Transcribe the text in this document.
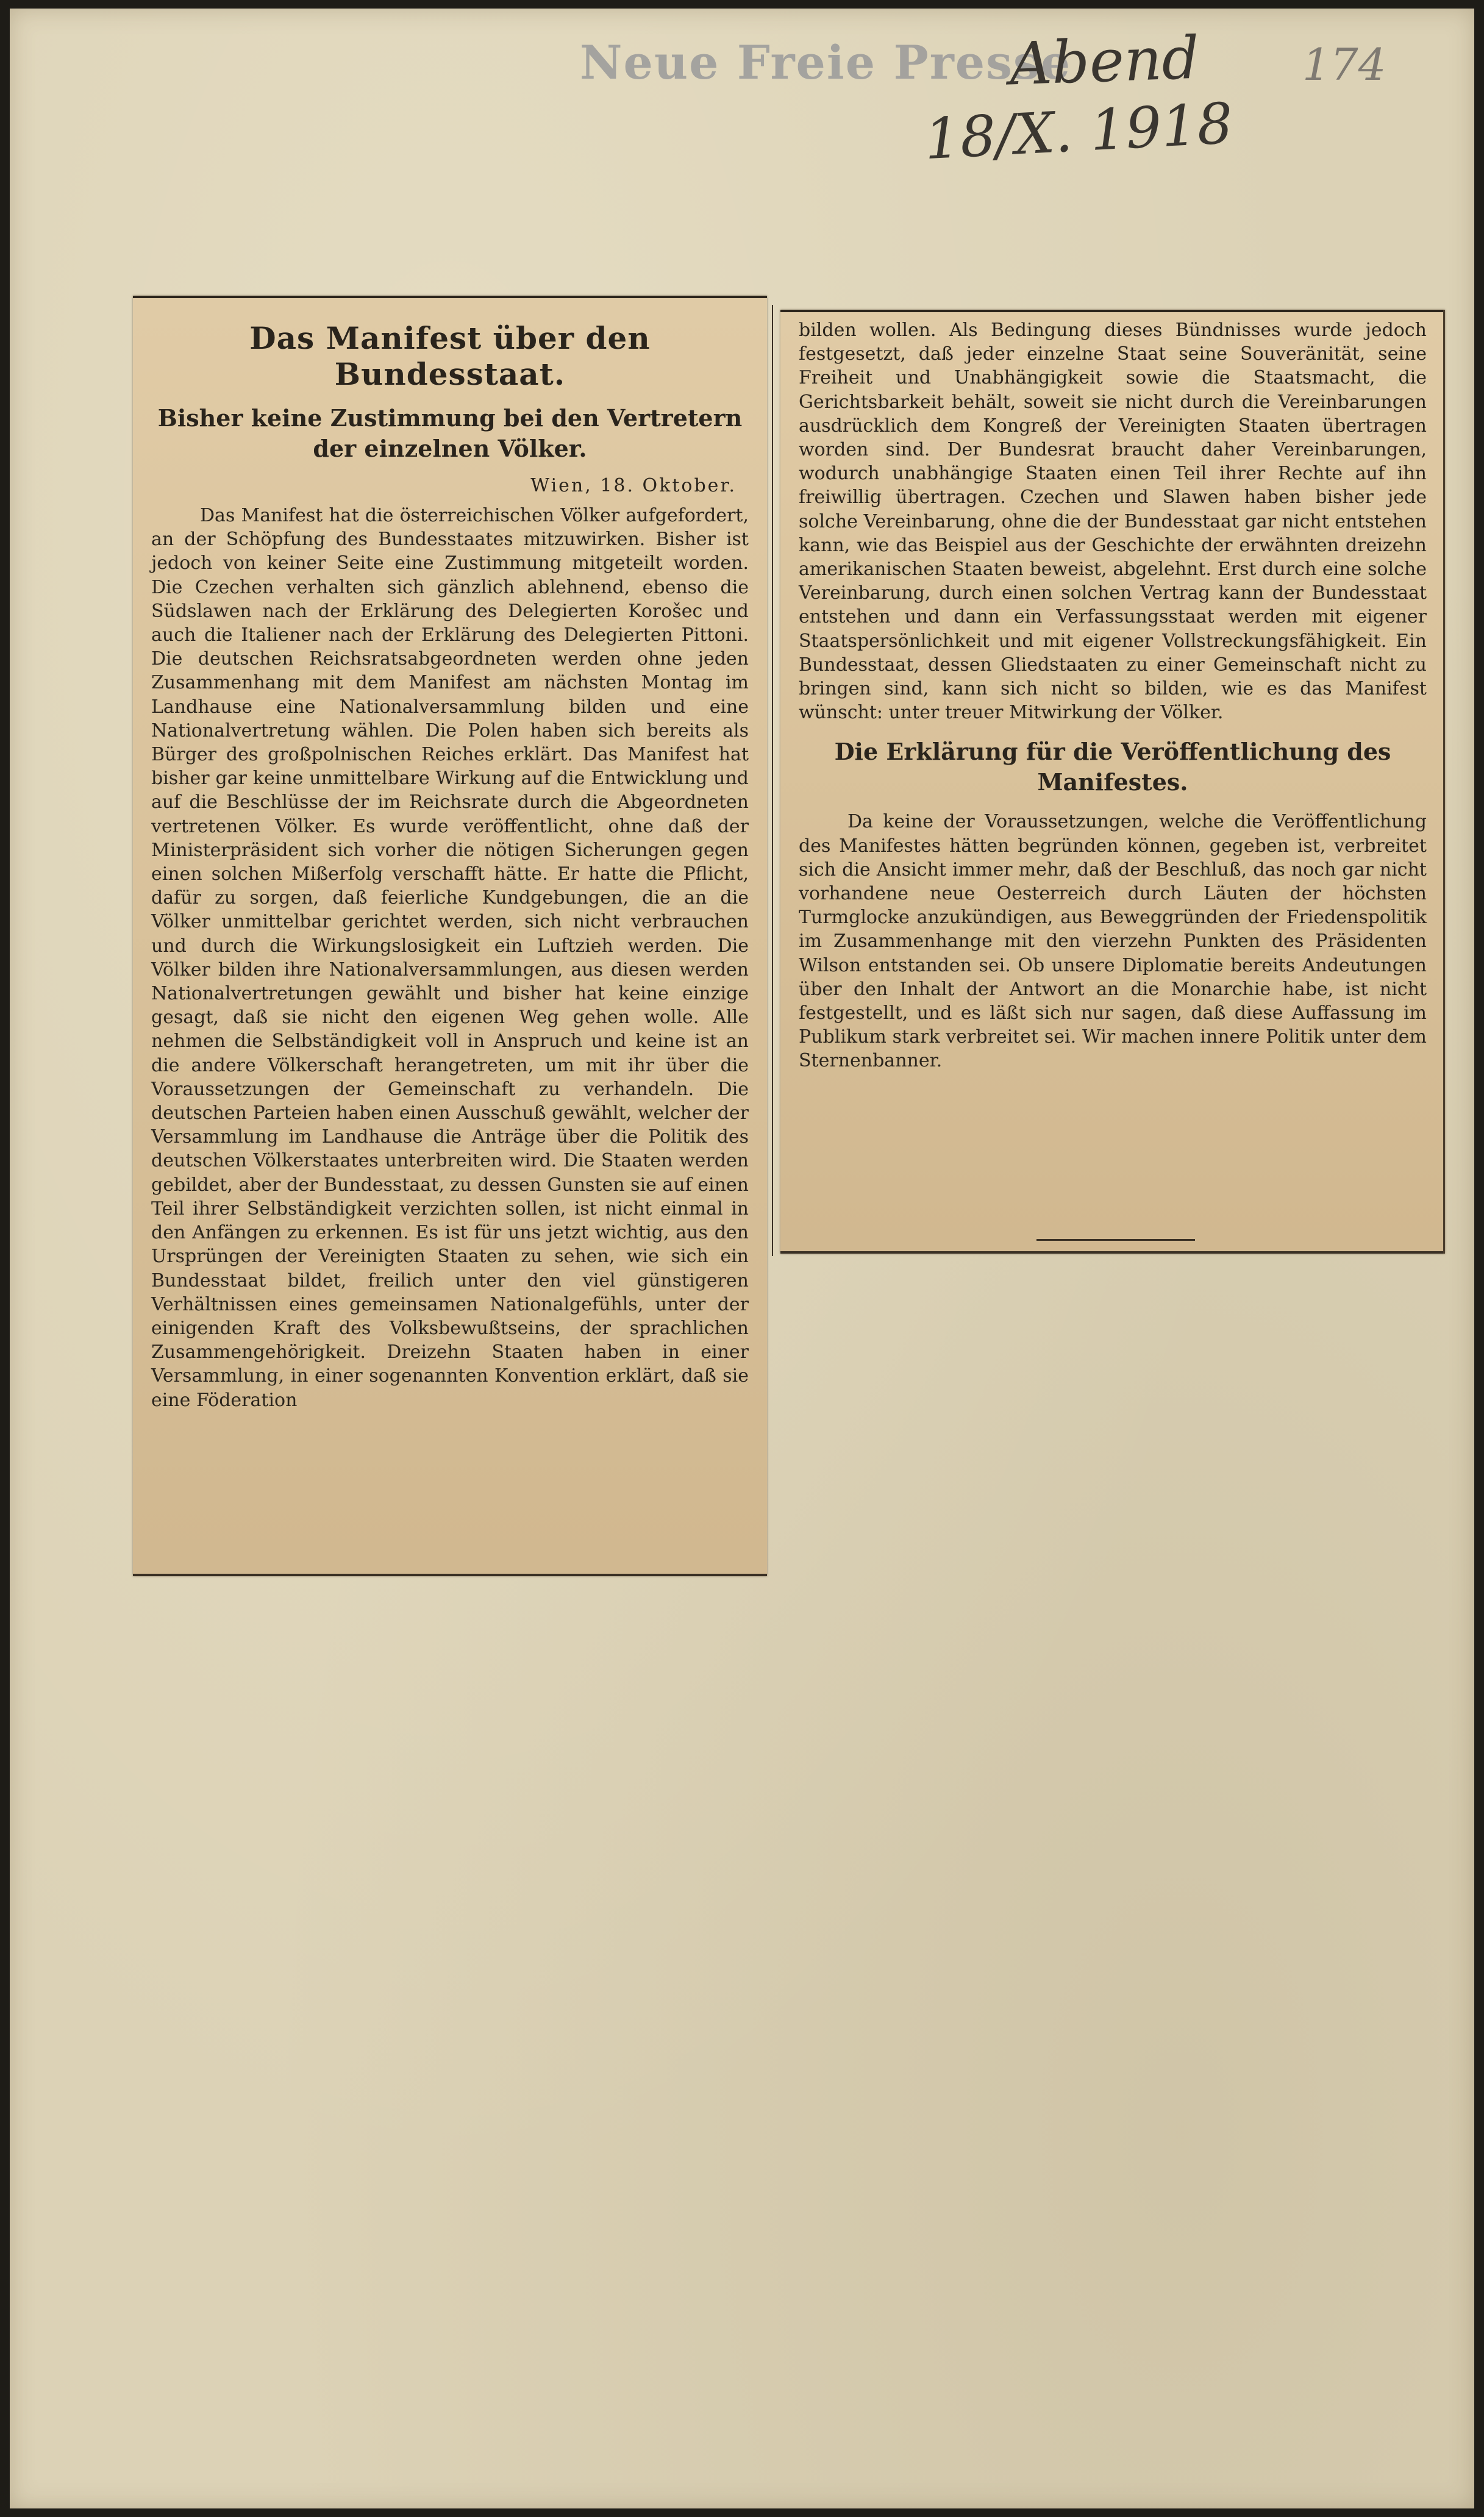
Neue Freie Presse
Abend
18/X. 1918
174
Das Manifest über den Bundesstaat.
Bisher keine Zustimmung bei den Vertretern der einzelnen Völker.
Wien, 18. Oktober.

Das Manifest hat die österreichischen Völker aufgefordert, an der Schöpfung des Bundesstaates mitzuwirken. Bisher ist jedoch von keiner Seite eine Zustimmung mitgeteilt worden. Die Czechen verhalten sich gänzlich ablehnend, ebenso die Südslawen nach der Erklärung des Delegierten Korošec und auch die Italiener nach der Erklärung des Delegierten Pittoni. Die deutschen Reichsratsabgeordneten werden ohne jeden Zusammenhang mit dem Manifest am nächsten Montag im Landhause eine Nationalversammlung bilden und eine Nationalvertretung wählen. Die Polen haben sich bereits als Bürger des großpolnischen Reiches erklärt. Das Manifest hat bisher gar keine unmittelbare Wirkung auf die Entwicklung und auf die Beschlüsse der im Reichsrate durch die Abgeordneten vertretenen Völker. Es wurde veröffentlicht, ohne daß der Ministerpräsident sich vorher die nötigen Sicherungen gegen einen solchen Mißerfolg verschafft hätte. Er hatte die Pflicht, dafür zu sorgen, daß feierliche Kundgebungen, die an die Völker unmittelbar gerichtet werden, sich nicht verbrauchen und durch die Wirkungslosigkeit ein Luftzieh werden. Die Völker bilden ihre Nationalversammlungen, aus diesen werden Nationalvertretungen gewählt und bisher hat keine einzige gesagt, daß sie nicht den eigenen Weg gehen wolle. Alle nehmen die Selbständigkeit voll in Anspruch und keine ist an die andere Völkerschaft herangetreten, um mit ihr über die Voraussetzungen der Gemeinschaft zu verhandeln. Die deutschen Parteien haben einen Ausschuß gewählt, welcher der Versammlung im Landhause die Anträge über die Politik des deutschen Völkerstaates unterbreiten wird. Die Staaten werden gebildet, aber der Bundesstaat, zu dessen Gunsten sie auf einen Teil ihrer Selbständigkeit verzichten sollen, ist nicht einmal in den Anfängen zu erkennen. Es ist für uns jetzt wichtig, aus den Ursprüngen der Vereinigten Staaten zu sehen, wie sich ein Bundesstaat bildet, freilich unter den viel günstigeren Verhältnissen eines gemeinsamen Nationalgefühls, unter der einigenden Kraft des Volksbewußtseins, der sprachlichen Zusammengehörigkeit. Dreizehn Staaten haben in einer Versammlung, in einer sogenannten Konvention erklärt, daß sie eine Föderation

bilden wollen. Als Bedingung dieses Bündnisses wurde jedoch festgesetzt, daß jeder einzelne Staat seine Souveränität, seine Freiheit und Unabhängigkeit sowie die Staatsmacht, die Gerichtsbarkeit behält, soweit sie nicht durch die Vereinbarungen ausdrücklich dem Kongreß der Vereinigten Staaten übertragen worden sind. Der Bundesrat braucht daher Vereinbarungen, wodurch unabhängige Staaten einen Teil ihrer Rechte auf ihn freiwillig übertragen. Czechen und Slawen haben bisher jede solche Vereinbarung, ohne die der Bundesstaat gar nicht entstehen kann, wie das Beispiel aus der Geschichte der erwähnten dreizehn amerikanischen Staaten beweist, abgelehnt. Erst durch eine solche Vereinbarung, durch einen solchen Vertrag kann der Bundesstaat entstehen und dann ein Verfassungsstaat werden mit eigener Staatspersönlichkeit und mit eigener Vollstreckungsfähigkeit. Ein Bundesstaat, dessen Gliedstaaten zu einer Gemeinschaft nicht zu bringen sind, kann sich nicht so bilden, wie es das Manifest wünscht: unter treuer Mitwirkung der Völker.

Die Erklärung für die Veröffentlichung des Manifestes.

Da keine der Voraussetzungen, welche die Veröffentlichung des Manifestes hätten begründen können, gegeben ist, verbreitet sich die Ansicht immer mehr, daß der Beschluß, das noch gar nicht vorhandene neue Oesterreich durch Läuten der höchsten Turmglocke anzukündigen, aus Beweggründen der Friedenspolitik im Zusammenhange mit den vierzehn Punkten des Präsidenten Wilson entstanden sei. Ob unsere Diplomatie bereits Andeutungen über den Inhalt der Antwort an die Monarchie habe, ist nicht festgestellt, und es läßt sich nur sagen, daß diese Auffassung im Publikum stark verbreitet sei. Wir machen innere Politik unter dem Sternenbanner.
